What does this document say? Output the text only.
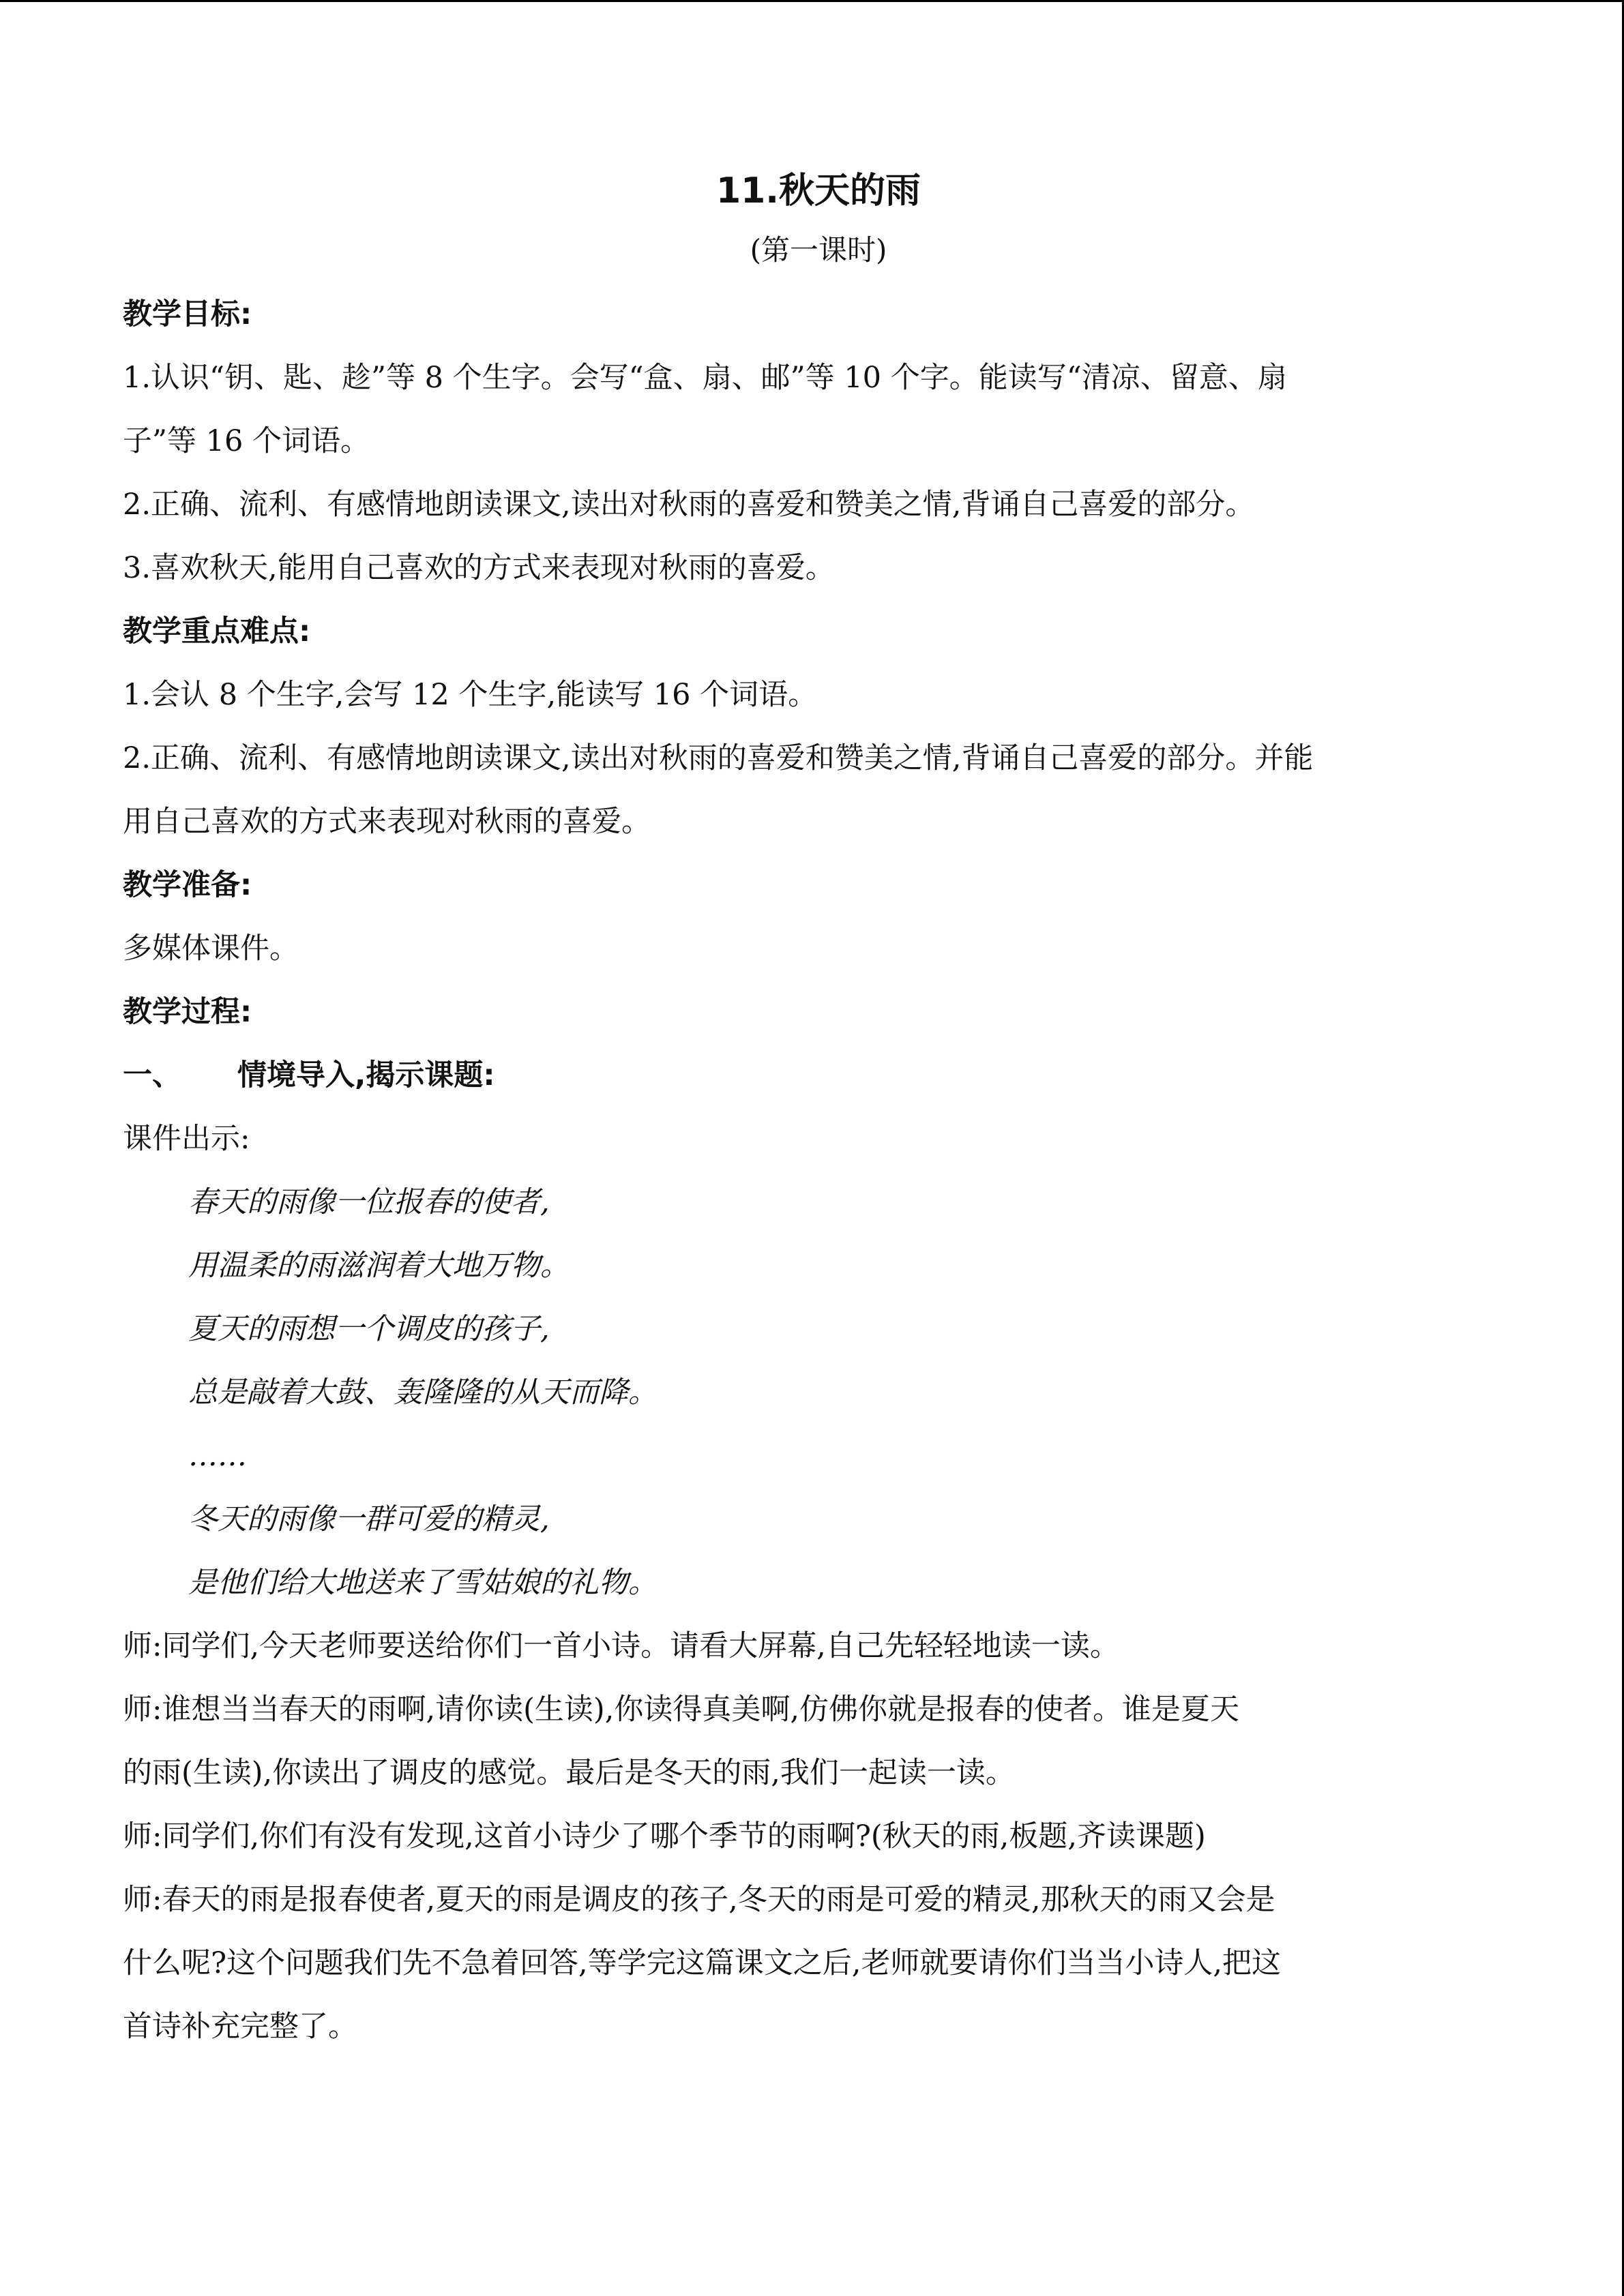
11.秋天的雨

(第一课时)

教学目标:

1.认识“钥、匙、趁”等 8 个生字。会写“盒、扇、邮”等 10 个字。能读写“清凉、留意、扇

子”等 16 个词语。

2.正确、流利、有感情地朗读课文,读出对秋雨的喜爱和赞美之情,背诵自己喜爱的部分。

3.喜欢秋天,能用自己喜欢的方式来表现对秋雨的喜爱。

教学重点难点:

1.会认 8 个生字,会写 12 个生字,能读写 16 个词语。

2.正确、流利、有感情地朗读课文,读出对秋雨的喜爱和赞美之情,背诵自己喜爱的部分。并能

用自己喜欢的方式来表现对秋雨的喜爱。

教学准备:

多媒体课件。

教学过程:

一、 情境导入,揭示课题:

课件出示:

春天的雨像一位报春的使者,

用温柔的雨滋润着大地万物。

夏天的雨想一个调皮的孩子,

总是敲着大鼓、轰隆隆的从天而降。

……

冬天的雨像一群可爱的精灵,

是他们给大地送来了雪姑娘的礼物。

师:同学们,今天老师要送给你们一首小诗。请看大屏幕,自己先轻轻地读一读。

师:谁想当当春天的雨啊,请你读(生读),你读得真美啊,仿佛你就是报春的使者。谁是夏天

的雨(生读),你读出了调皮的感觉。最后是冬天的雨,我们一起读一读。

师:同学们,你们有没有发现,这首小诗少了哪个季节的雨啊?(秋天的雨,板题,齐读课题)

师:春天的雨是报春使者,夏天的雨是调皮的孩子,冬天的雨是可爱的精灵,那秋天的雨又会是

什么呢?这个问题我们先不急着回答,等学完这篇课文之后,老师就要请你们当当小诗人,把这

首诗补充完整了。
